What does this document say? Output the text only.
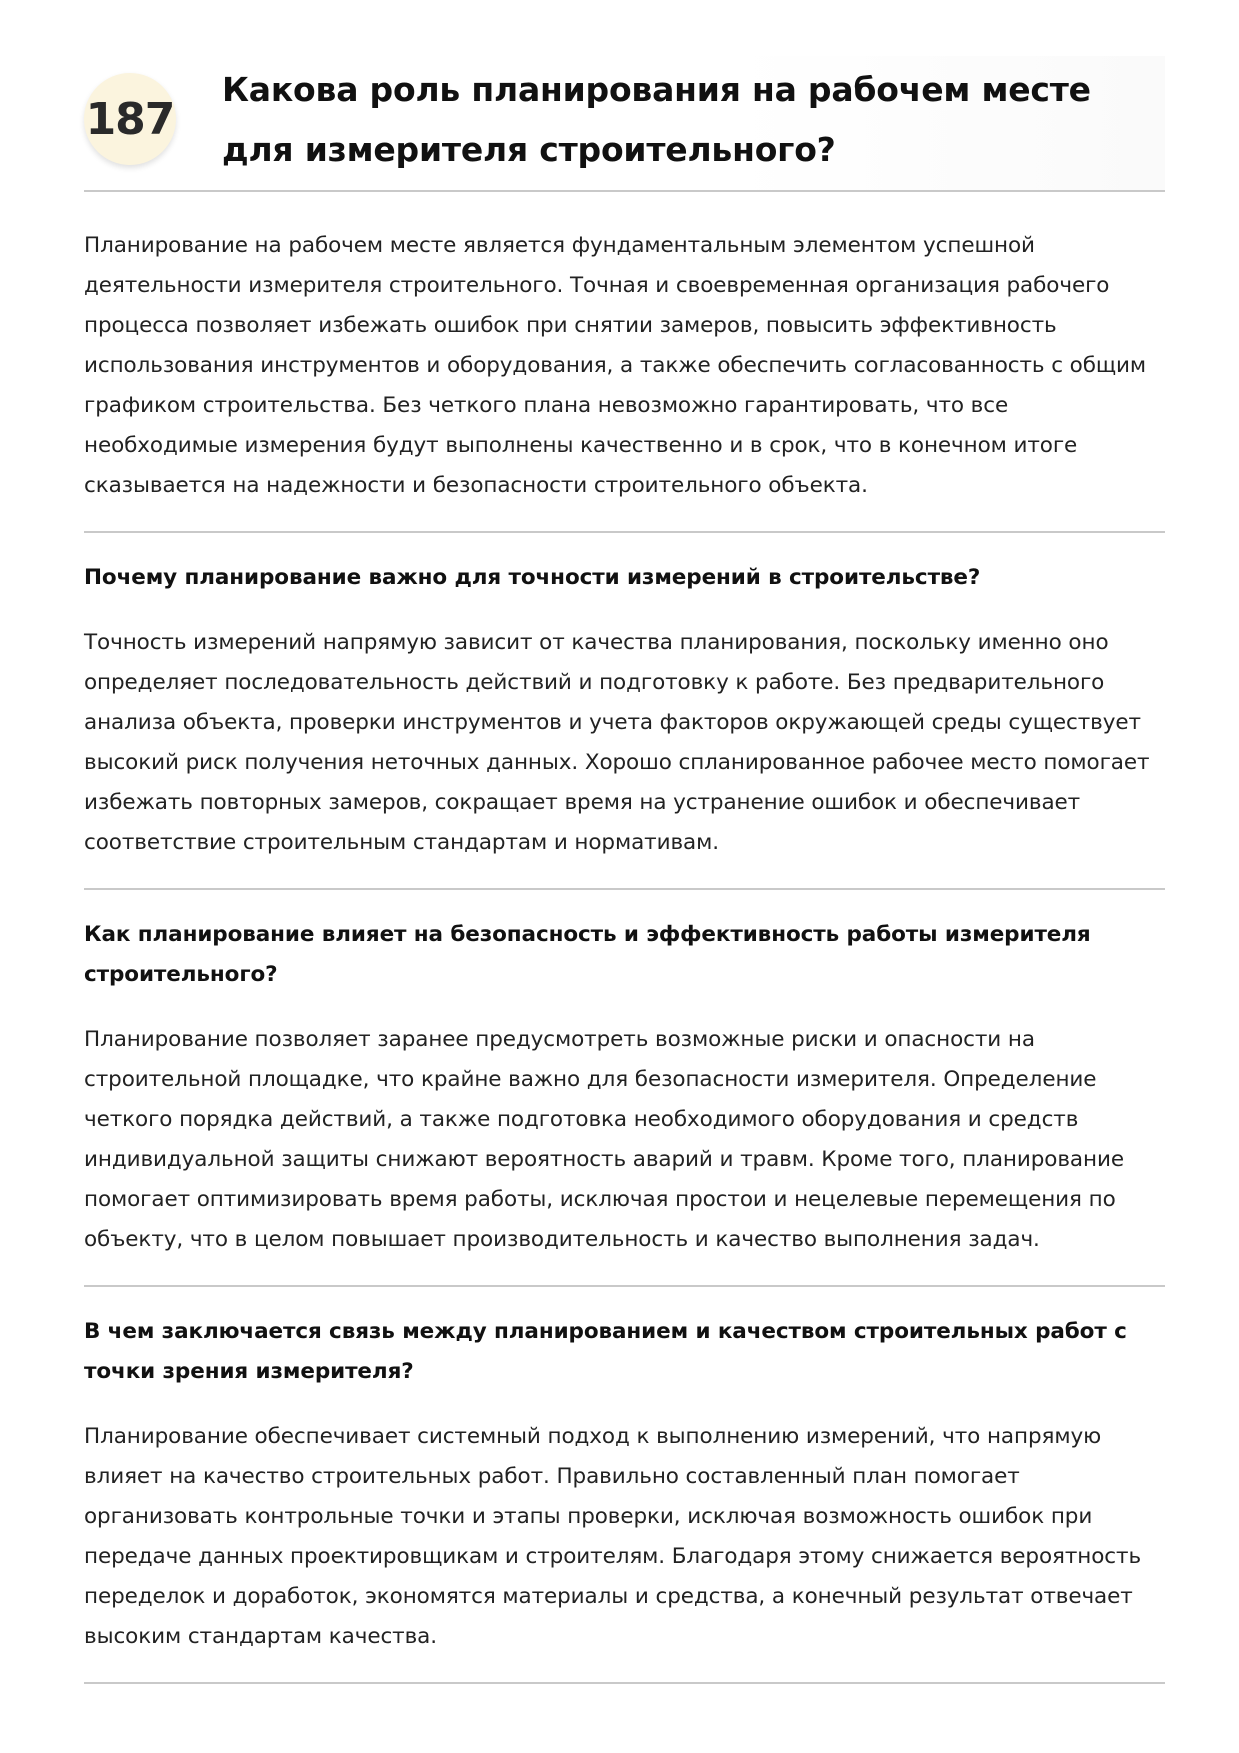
187
Какова роль планирования на рабочем месте для измерителя строительного?

Планирование на рабочем месте является фундаментальным элементом успешной деятельности измерителя строительного. Точная и своевременная организация рабочего процесса позволяет избежать ошибок при снятии замеров, повысить эффективность использования инструментов и оборудования, а также обеспечить согласованность с общим графиком строительства. Без четкого плана невозможно гарантировать, что все необходимые измерения будут выполнены качественно и в срок, что в конечном итоге сказывается на надежности и безопасности строительного объекта.

Почему планирование важно для точности измерений в строительстве?

Точность измерений напрямую зависит от качества планирования, поскольку именно оно определяет последовательность действий и подготовку к работе. Без предварительного анализа объекта, проверки инструментов и учета факторов окружающей среды существует высокий риск получения неточных данных. Хорошо спланированное рабочее место помогает избежать повторных замеров, сокращает время на устранение ошибок и обеспечивает соответствие строительным стандартам и нормативам.

Как планирование влияет на безопасность и эффективность работы измерителя строительного?

Планирование позволяет заранее предусмотреть возможные риски и опасности на строительной площадке, что крайне важно для безопасности измерителя. Определение четкого порядка действий, а также подготовка необходимого оборудования и средств индивидуальной защиты снижают вероятность аварий и травм. Кроме того, планирование помогает оптимизировать время работы, исключая простои и нецелевые перемещения по объекту, что в целом повышает производительность и качество выполнения задач.

В чем заключается связь между планированием и качеством строительных работ с точки зрения измерителя?

Планирование обеспечивает системный подход к выполнению измерений, что напрямую влияет на качество строительных работ. Правильно составленный план помогает организовать контрольные точки и этапы проверки, исключая возможность ошибок при передаче данных проектировщикам и строителям. Благодаря этому снижается вероятность переделок и доработок, экономятся материалы и средства, а конечный результат отвечает высоким стандартам качества.
